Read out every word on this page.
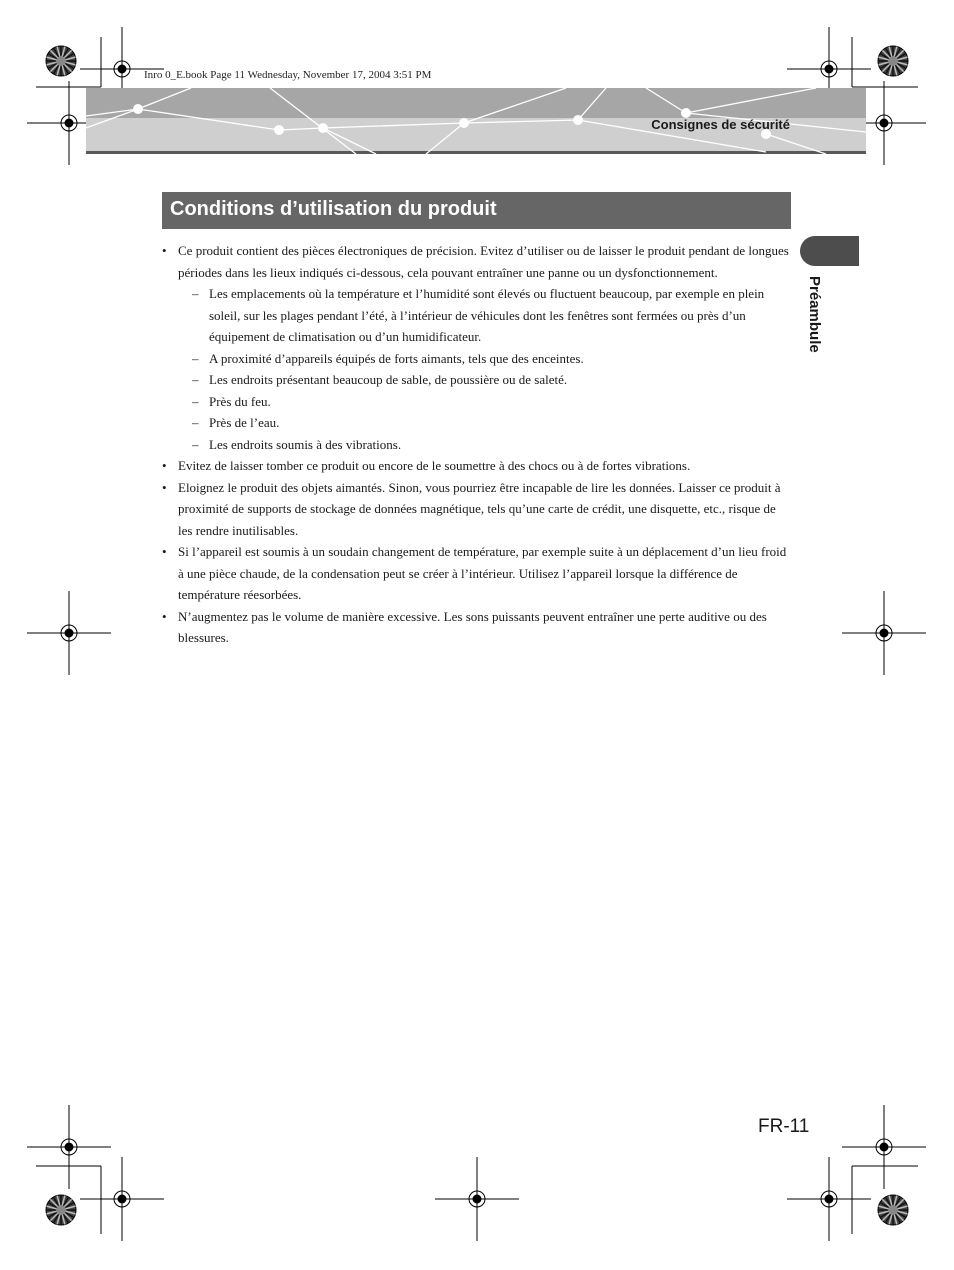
Inro 0_E.book Page 11 Wednesday, November 17, 2004 3:51 PM
Consignes de sécurité
Conditions d’utilisation du produit
Préambule
• Ce produit contient des pièces électroniques de précision. Evitez d’utiliser ou de laisser le produit pendant de longues périodes dans les lieux indiqués ci-dessous, cela pouvant entraîner une panne ou un dysfonctionnement.
– Les emplacements où la température et l’humidité sont élevés ou fluctuent beaucoup, par exemple en plein soleil, sur les plages pendant l’été, à l’intérieur de véhicules dont les fenêtres sont fermées ou près d’un équipement de climatisation ou d’un humidificateur.
– A proximité d’appareils équipés de forts aimants, tels que des enceintes.
– Les endroits présentant beaucoup de sable, de poussière ou de saleté.
– Près du feu.
– Près de l’eau.
– Les endroits soumis à des vibrations.
• Evitez de laisser tomber ce produit ou encore de le soumettre à des chocs ou à de fortes vibrations.
• Eloignez le produit des objets aimantés. Sinon, vous pourriez être incapable de lire les données. Laisser ce produit à proximité de supports de stockage de données magnétique, tels qu’une carte de crédit, une disquette, etc., risque de les rendre inutilisables.
• Si l’appareil est soumis à un soudain changement de température, par exemple suite à un déplacement d’un lieu froid à une pièce chaude, de la condensation peut se créer à l’intérieur. Utilisez l’appareil lorsque la différence de température réesorbées.
• N’augmentez pas le volume de manière excessive. Les sons puissants peuvent entraîner une perte auditive ou des blessures.
FR-11
